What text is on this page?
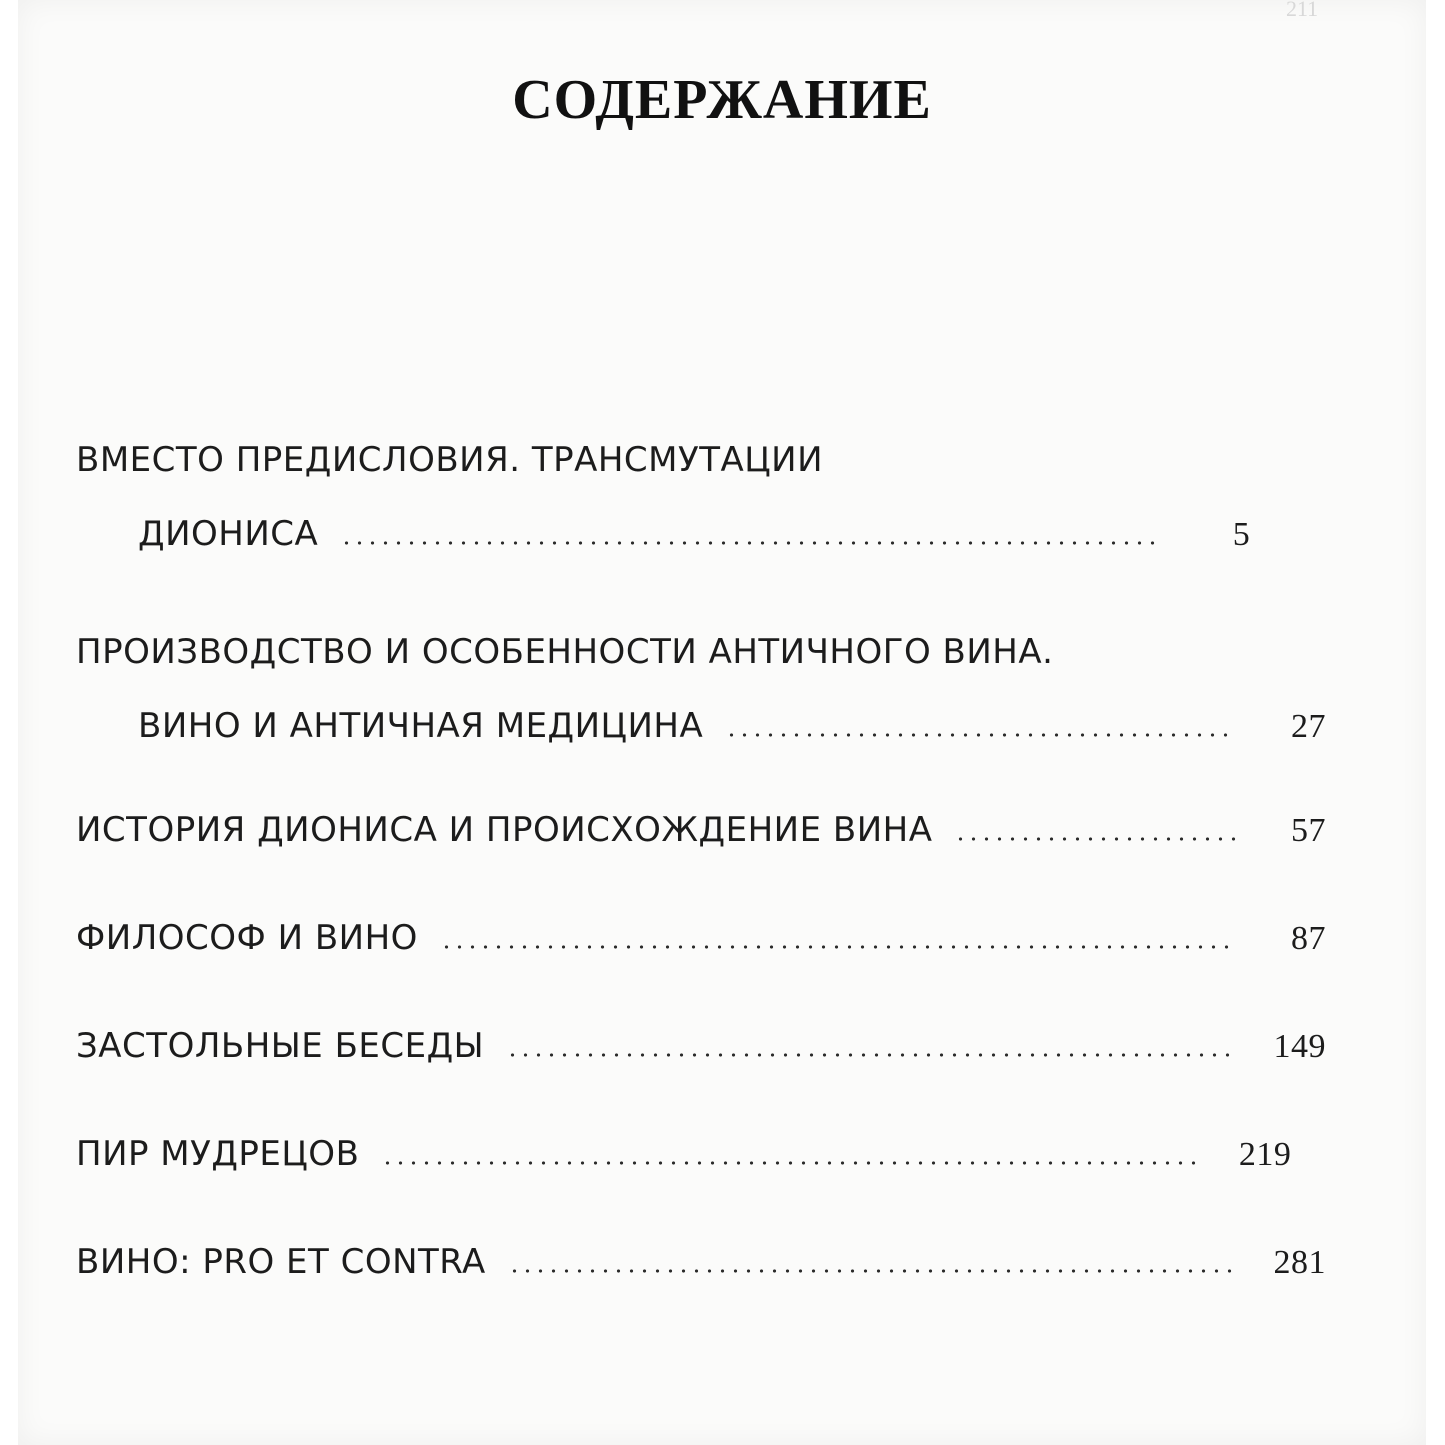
211
СОДЕРЖАНИЕ
ВМЕСТО ПРЕДИСЛОВИЯ. ТРАНСМУТАЦИИ
ДИОНИСА	5
ПРОИЗВОДСТВО И ОСОБЕННОСТИ АНТИЧНОГО ВИНА.
ВИНО И АНТИЧНАЯ МЕДИЦИНА	27
ИСТОРИЯ ДИОНИСА И ПРОИСХОЖДЕНИЕ ВИНА	57
ФИЛОСОФ И ВИНО	87
ЗАСТОЛЬНЫЕ БЕСЕДЫ	149
ПИР МУДРЕЦОВ	219
ВИНО: PRO ET CONTRA	281
